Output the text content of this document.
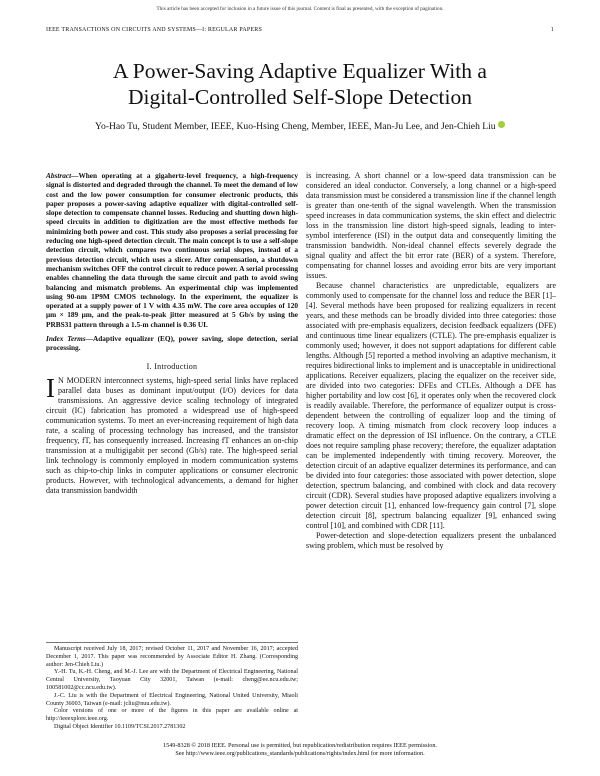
This article has been accepted for inclusion in a future issue of this journal. Content is final as presented, with the exception of pagination.
IEEE TRANSACTIONS ON CIRCUITS AND SYSTEMS—I: REGULAR PAPERS	1
A Power-Saving Adaptive Equalizer With a
Digital-Controlled Self-Slope Detection
Yo-Hao Tu, Student Member, IEEE, Kuo-Hsing Cheng, Member, IEEE, Man-Ju Lee, and Jen-Chieh Liu
Abstract—When operating at a gigahertz-level frequency, a high-frequency signal is distorted and degraded through the channel. To meet the demand of low cost and the low power consumption for consumer electronic products, this paper proposes a power-saving adaptive equalizer with digital-controlled self-slope detection to compensate channel losses. Reducing and shutting down high-speed circuits in addition to digitization are the most effective methods for minimizing both power and cost. This study also proposes a serial processing for reducing one high-speed detection circuit. The main concept is to use a self-slope detection circuit, which compares two continuous serial slopes, instead of a previous detection circuit, which uses a slicer. After compensation, a shutdown mechanism switches OFF the control circuit to reduce power. A serial processing enables channeling the data through the same circuit and path to avoid swing balancing and mismatch problems. An experimental chip was implemented using 90-nm 1P9M CMOS technology. In the experiment, the equalizer is operated at a supply power of 1 V with 4.35 mW. The core area occupies of 120 μm × 189 μm, and the peak-to-peak jitter measured at 5 Gb/s by using the PRBS31 pattern through a 1.5-m channel is 0.36 UI.
Index Terms—Adaptive equalizer (EQ), power saving, slope detection, serial processing.
I. Introduction
I N MODERN interconnect systems, high-speed serial links have replaced parallel data buses as dominant input/output (I/O) devices for data transmissions. An aggressive device scaling technology of integrated circuit (IC) fabrication has promoted a widespread use of high-speed communication systems. To meet an ever-increasing requirement of high data rate, a scaling of processing technology has increased, and the transistor frequency, fT, has consequently increased. Increasing fT enhances an on-chip transmission at a multigigabit per second (Gb/s) rate. The high-speed serial link technology is commonly employed in modern communication systems such as chip-to-chip links in computer applications or consumer electronic products. However, with technological advancements, a demand for higher data transmission bandwidth

Manuscript received July 18, 2017; revised October 11, 2017 and November 16, 2017; accepted December 1, 2017. This paper was recommended by Associate Editor H. Zhang. (Corresponding author: Jen-Chieh Liu.)

Y.-H. Tu, K.-H. Cheng, and M.-J. Lee are with the Department of Electrical Engineering, National Central University, Taoyuan City 32001, Taiwan (e-mail: cheng@ee.ncu.edu.tw; 100581002@cc.ncu.edu.tw).

J.-C. Liu is with the Department of Electrical Engineering, National United University, Miaoli County 36003, Taiwan (e-mail: jcliu@nuu.edu.tw).

Color versions of one or more of the figures in this paper are available online at http://ieeexplore.ieee.org.

Digital Object Identifier 10.1109/TCSI.2017.2781302

is increasing. A short channel or a low-speed data transmission can be considered an ideal conductor. Conversely, a long channel or a high-speed data transmission must be considered a transmission line if the channel length is greater than one-tenth of the signal wavelength. When the transmission speed increases in data communication systems, the skin effect and dielectric loss in the transmission line distort high-speed signals, leading to inter-symbol interference (ISI) in the output data and consequently limiting the transmission bandwidth. Non-ideal channel effects severely degrade the signal quality and affect the bit error rate (BER) of a system. Therefore, compensating for channel losses and avoiding error bits are very important issues.

Because channel characteristics are unpredictable, equalizers are commonly used to compensate for the channel loss and reduce the BER [1]–[4]. Several methods have been proposed for realizing equalizers in recent years, and these methods can be broadly divided into three categories: those associated with pre-emphasis equalizers, decision feedback equalizers (DFE) and continuous time linear equalizers (CTLE). The pre-emphasis equalizer is commonly used; however, it does not support adaptations for different cable lengths. Although [5] reported a method involving an adaptive mechanism, it requires bidirectional links to implement and is unacceptable in unidirectional applications. Receiver equalizers, placing the equalizer on the receiver side, are divided into two categories: DFEs and CTLEs. Although a DFE has higher portability and low cost [6], it operates only when the recovered clock is readily available. Therefore, the performance of equalizer output is cross-dependent between the controlling of equalizer loop and the timing of recovery loop. A timing mismatch from clock recovery loop induces a dramatic effect on the depression of ISI influence. On the contrary, a CTLE does not require sampling phase recovery; therefore, the equalizer adaptation can be implemented independently with timing recovery. Moreover, the detection circuit of an adaptive equalizer determines its performance, and can be divided into four categories: those associated with power detection, slope detection, spectrum balancing, and combined with clock and data recovery circuit (CDR). Several studies have proposed adaptive equalizers involving a power detection circuit [1], enhanced low-frequency gain control [7], slope detection circuit [8], spectrum balancing equalizer [9], enhanced swing control [10], and combined with CDR [11].

Power-detection and slope-detection equalizers present the unbalanced swing problem, which must be resolved by

1549-8328 © 2018 IEEE. Personal use is permitted, but republication/redistribution requires IEEE permission.
See http://www.ieee.org/publications_standards/publications/rights/index.html for more information.
